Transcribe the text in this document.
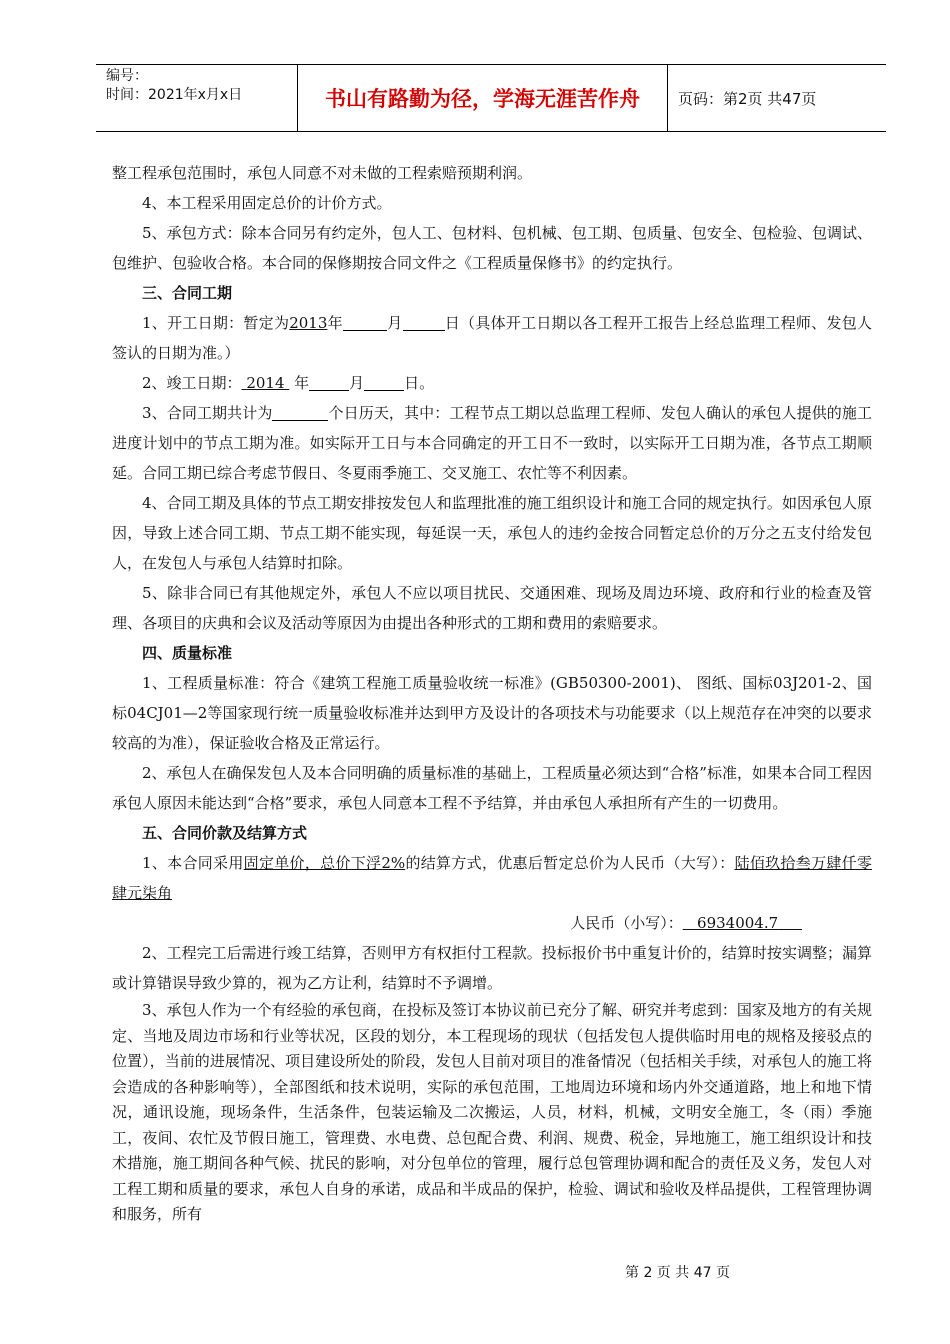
编号：
时间：2021年x月x日	书山有路勤为径，学海无涯苦作舟	页码：第2页 共47页

整工程承包范围时，承包人同意不对未做的工程索赔预期利润。

4、本工程采用固定总价的计价方式。

5、承包方式：除本合同另有约定外，包人工、包材料、包机械、包工期、包质量、包安全、包检验、包调试、包维护、包验收合格。本合同的保修期按合同文件之《工程质量保修书》的约定执行。

三、合同工期

1、开工日期：暂定为2013年	月	日（具体开工日期以各工程开工报告上经总监理工程师、发包人签认的日期为准。）

2、竣工日期： 2014 年	月	日。

3、合同工期共计为	个日历天，其中：工程节点工期以总监理工程师、发包人确认的承包人提供的施工进度计划中的节点工期为准。如实际开工日与本合同确定的开工日不一致时，以实际开工日期为准，各节点工期顺延。合同工期已综合考虑节假日、冬夏雨季施工、交叉施工、农忙等不利因素。

4、合同工期及具体的节点工期安排按发包人和监理批准的施工组织设计和施工合同的规定执行。如因承包人原因，导致上述合同工期、节点工期不能实现，每延误一天，承包人的违约金按合同暂定总价的万分之五支付给发包人，在发包人与承包人结算时扣除。

5、除非合同已有其他规定外，承包人不应以项目扰民、交通困难、现场及周边环境、政府和行业的检查及管理、各项目的庆典和会议及活动等原因为由提出各种形式的工期和费用的索赔要求。

四、质量标准

1、工程质量标准：符合《建筑工程施工质量验收统一标准》(GB50300-2001)、 图纸、国标03J201-2、国标04CJ01—2等国家现行统一质量验收标准并达到甲方及设计的各项技术与功能要求（以上规范存在冲突的以要求较高的为准），保证验收合格及正常运行。

2、承包人在确保发包人及本合同明确的质量标准的基础上，工程质量必须达到“合格”标准，如果本合同工程因承包人原因未能达到“合格”要求，承包人同意本工程不予结算，并由承包人承担所有产生的一切费用。

五、合同价款及结算方式

1、本合同采用固定单价，总价下浮2%的结算方式，优惠后暂定总价为人民币（大写）：陆佰玖拾叁万肆仟零肆元柒角

人民币（小写）： 6934004.7

2、工程完工后需进行竣工结算，否则甲方有权拒付工程款。投标报价书中重复计价的，结算时按实调整；漏算或计算错误导致少算的，视为乙方让利，结算时不予调增。

3、承包人作为一个有经验的承包商，在投标及签订本协议前已充分了解、研究并考虑到：国家及地方的有关规定、当地及周边市场和行业等状况，区段的划分，本工程现场的现状（包括发包人提供临时用电的规格及接驳点的位置），当前的进展情况、项目建设所处的阶段，发包人目前对项目的准备情况（包括相关手续，对承包人的施工将会造成的各种影响等），全部图纸和技术说明，实际的承包范围，工地周边环境和场内外交通道路，地上和地下情况，通讯设施，现场条件，生活条件，包装运输及二次搬运，人员，材料，机械，文明安全施工，冬（雨）季施工，夜间、农忙及节假日施工，管理费、水电费、总包配合费、利润、规费、税金，异地施工，施工组织设计和技术措施，施工期间各种气候、扰民的影响，对分包单位的管理，履行总包管理协调和配合的责任及义务，发包人对工程工期和质量的要求，承包人自身的承诺，成品和半成品的保护，检验、调试和验收及样品提供，工程管理协调和服务，所有

第 2 页 共 47 页
